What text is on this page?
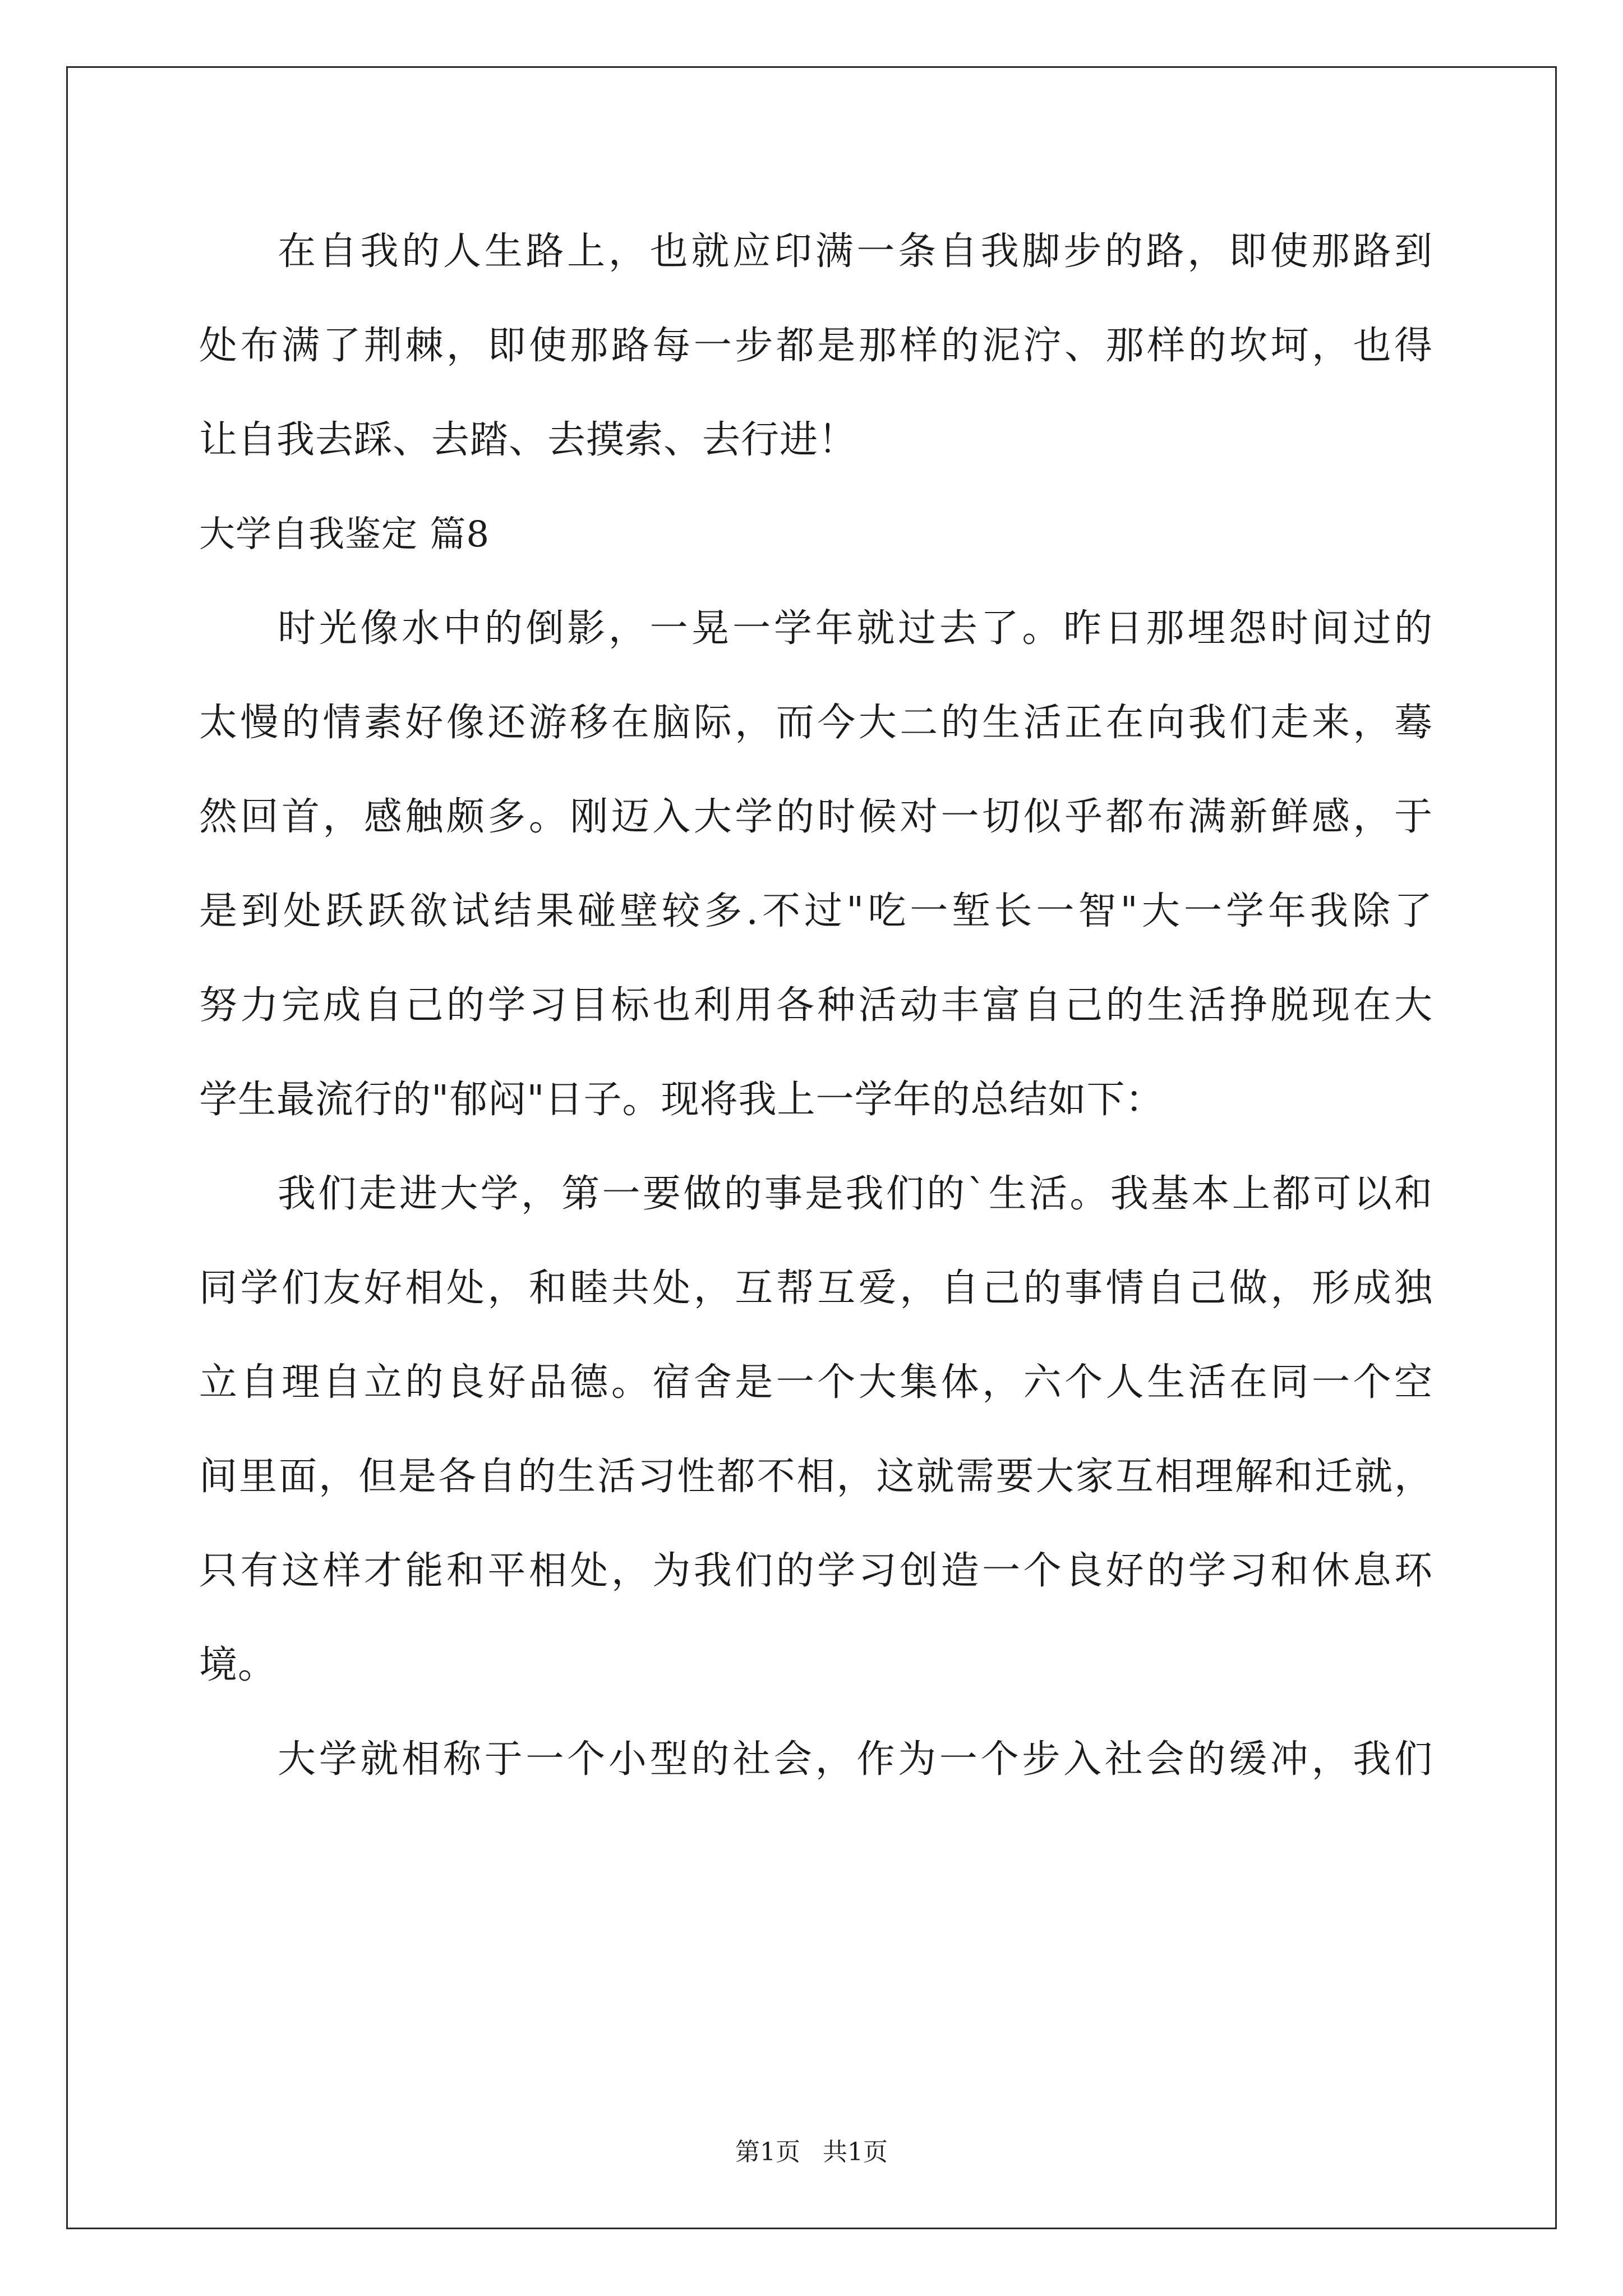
在自我的人生路上，也就应印满一条自我脚步的路，即使那路到
处布满了荆棘，即使那路每一步都是那样的泥泞、那样的坎坷，也得
让自我去踩、去踏、去摸索、去行进！
大学自我鉴定 篇8
时光像水中的倒影，一晃一学年就过去了。昨日那埋怨时间过的
太慢的情素好像还游移在脑际，而今大二的生活正在向我们走来，蓦
然回首，感触颇多。刚迈入大学的时候对一切似乎都布满新鲜感，于
是到处跃跃欲试结果碰壁较多.不过"吃一堑长一智"大一学年我除了
努力完成自己的学习目标也利用各种活动丰富自己的生活挣脱现在大
学生最流行的"郁闷"日子。现将我上一学年的总结如下：
我们走进大学，第一要做的事是我们的`生活。我基本上都可以和
同学们友好相处，和睦共处，互帮互爱，自己的事情自己做，形成独
立自理自立的良好品德。宿舍是一个大集体，六个人生活在同一个空
间里面，但是各自的生活习性都不相，这就需要大家互相理解和迁就，
只有这样才能和平相处，为我们的学习创造一个良好的学习和休息环
境。
大学就相称于一个小型的社会，作为一个步入社会的缓冲，我们
第1页 共1页
